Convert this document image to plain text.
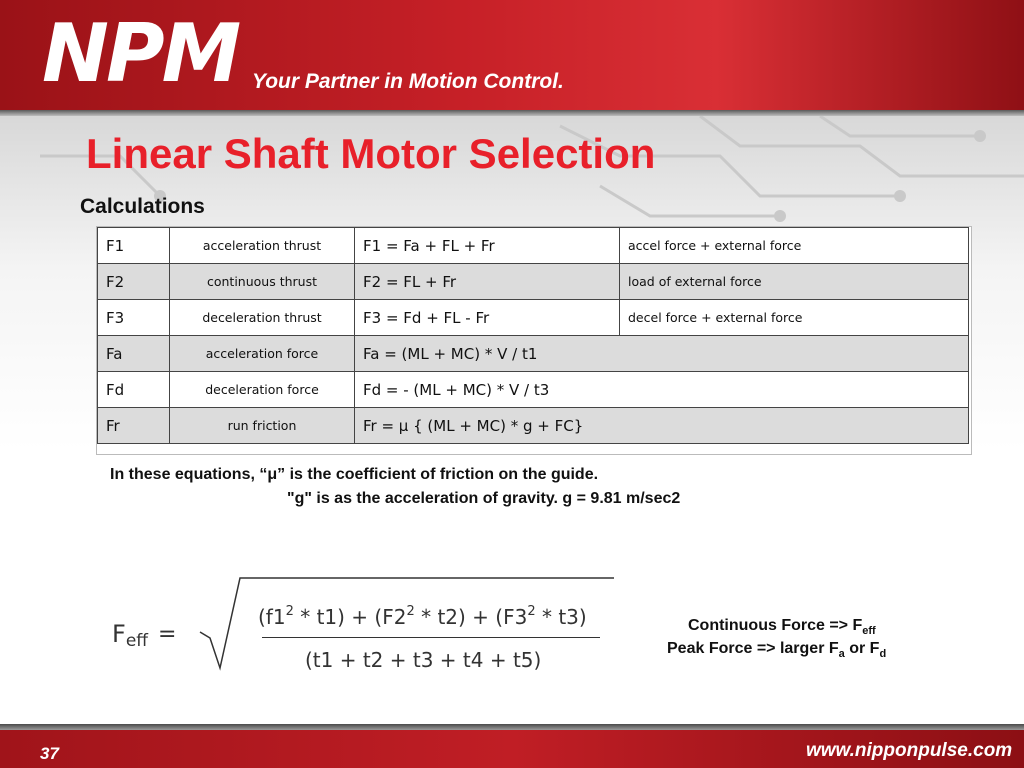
NPM Your Partner in Motion Control.
Linear Shaft Motor Selection
Calculations
F1	acceleration thrust	F1 = Fa + FL + Fr	accel force + external force
F2	continuous thrust	F2 = FL + Fr	load of external force
F3	deceleration thrust	F3 = Fd + FL - Fr	decel force + external force
Fa	acceleration force	Fa = (ML + MC) * V / t1	
Fd	deceleration force	Fd = - (ML + MC) * V / t3	
Fr	run friction	Fr = μ { (ML + MC) * g + FC}	
In these equations, “μ” is the coefficient of friction on the guide.
"g" is as the acceleration of gravity. g = 9.81 m/sec2
$F_{eff}$ =
$(f1^2 * t1) + (F2^2 * t2) + (F3^2 * t3)$
(t1 + t2 + t3 + t4 + t5)
Continuous Force => $F_{eff}$
Peak Force => larger $F_a$ or $F_d$
37	www.nipponpulse.com
